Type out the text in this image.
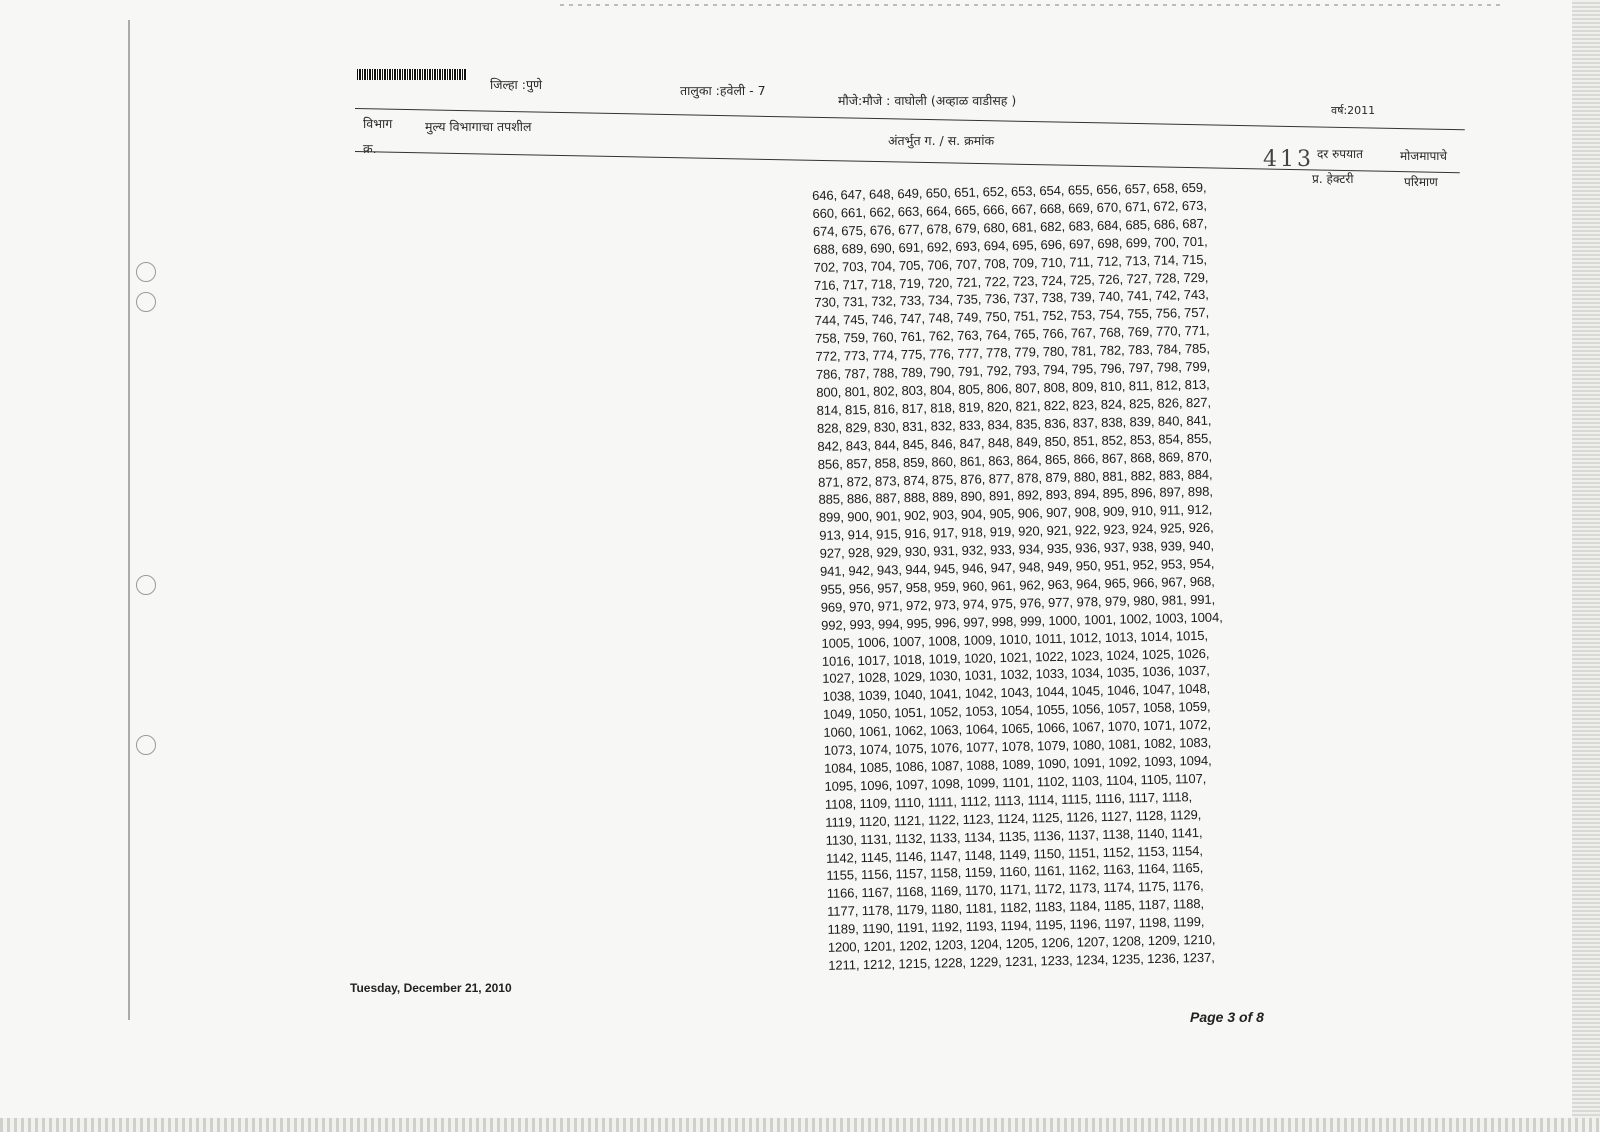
जिल्हा :पुणे	तालुका :हवेली - 7
मौजे:मौजे : वाघोली (अव्हाळ वाडीसह )
वर्ष:2011
विभाग	मुल्य विभागाचा तपशील
क्र.
अंतर्भुत ग. / स. क्रमांक
413 दर रुपयात	मोजमापाचे
प्र. हेक्टरी	परिमाण
646, 647, 648, 649, 650, 651, 652, 653, 654, 655, 656, 657, 658, 659,
660, 661, 662, 663, 664, 665, 666, 667, 668, 669, 670, 671, 672, 673,
674, 675, 676, 677, 678, 679, 680, 681, 682, 683, 684, 685, 686, 687,
688, 689, 690, 691, 692, 693, 694, 695, 696, 697, 698, 699, 700, 701,
702, 703, 704, 705, 706, 707, 708, 709, 710, 711, 712, 713, 714, 715,
716, 717, 718, 719, 720, 721, 722, 723, 724, 725, 726, 727, 728, 729,
730, 731, 732, 733, 734, 735, 736, 737, 738, 739, 740, 741, 742, 743,
744, 745, 746, 747, 748, 749, 750, 751, 752, 753, 754, 755, 756, 757,
758, 759, 760, 761, 762, 763, 764, 765, 766, 767, 768, 769, 770, 771,
772, 773, 774, 775, 776, 777, 778, 779, 780, 781, 782, 783, 784, 785,
786, 787, 788, 789, 790, 791, 792, 793, 794, 795, 796, 797, 798, 799,
800, 801, 802, 803, 804, 805, 806, 807, 808, 809, 810, 811, 812, 813,
814, 815, 816, 817, 818, 819, 820, 821, 822, 823, 824, 825, 826, 827,
828, 829, 830, 831, 832, 833, 834, 835, 836, 837, 838, 839, 840, 841,
842, 843, 844, 845, 846, 847, 848, 849, 850, 851, 852, 853, 854, 855,
856, 857, 858, 859, 860, 861, 863, 864, 865, 866, 867, 868, 869, 870,
871, 872, 873, 874, 875, 876, 877, 878, 879, 880, 881, 882, 883, 884,
885, 886, 887, 888, 889, 890, 891, 892, 893, 894, 895, 896, 897, 898,
899, 900, 901, 902, 903, 904, 905, 906, 907, 908, 909, 910, 911, 912,
913, 914, 915, 916, 917, 918, 919, 920, 921, 922, 923, 924, 925, 926,
927, 928, 929, 930, 931, 932, 933, 934, 935, 936, 937, 938, 939, 940,
941, 942, 943, 944, 945, 946, 947, 948, 949, 950, 951, 952, 953, 954,
955, 956, 957, 958, 959, 960, 961, 962, 963, 964, 965, 966, 967, 968,
969, 970, 971, 972, 973, 974, 975, 976, 977, 978, 979, 980, 981, 991,
992, 993, 994, 995, 996, 997, 998, 999, 1000, 1001, 1002, 1003, 1004,
1005, 1006, 1007, 1008, 1009, 1010, 1011, 1012, 1013, 1014, 1015,
1016, 1017, 1018, 1019, 1020, 1021, 1022, 1023, 1024, 1025, 1026,
1027, 1028, 1029, 1030, 1031, 1032, 1033, 1034, 1035, 1036, 1037,
1038, 1039, 1040, 1041, 1042, 1043, 1044, 1045, 1046, 1047, 1048,
1049, 1050, 1051, 1052, 1053, 1054, 1055, 1056, 1057, 1058, 1059,
1060, 1061, 1062, 1063, 1064, 1065, 1066, 1067, 1070, 1071, 1072,
1073, 1074, 1075, 1076, 1077, 1078, 1079, 1080, 1081, 1082, 1083,
1084, 1085, 1086, 1087, 1088, 1089, 1090, 1091, 1092, 1093, 1094,
1095, 1096, 1097, 1098, 1099, 1101, 1102, 1103, 1104, 1105, 1107,
1108, 1109, 1110, 1111, 1112, 1113, 1114, 1115, 1116, 1117, 1118,
1119, 1120, 1121, 1122, 1123, 1124, 1125, 1126, 1127, 1128, 1129,
1130, 1131, 1132, 1133, 1134, 1135, 1136, 1137, 1138, 1140, 1141,
1142, 1145, 1146, 1147, 1148, 1149, 1150, 1151, 1152, 1153, 1154,
1155, 1156, 1157, 1158, 1159, 1160, 1161, 1162, 1163, 1164, 1165,
1166, 1167, 1168, 1169, 1170, 1171, 1172, 1173, 1174, 1175, 1176,
1177, 1178, 1179, 1180, 1181, 1182, 1183, 1184, 1185, 1187, 1188,
1189, 1190, 1191, 1192, 1193, 1194, 1195, 1196, 1197, 1198, 1199,
1200, 1201, 1202, 1203, 1204, 1205, 1206, 1207, 1208, 1209, 1210,
1211, 1212, 1215, 1228, 1229, 1231, 1233, 1234, 1235, 1236, 1237,
Tuesday, December 21, 2010
Page 3 of 8
